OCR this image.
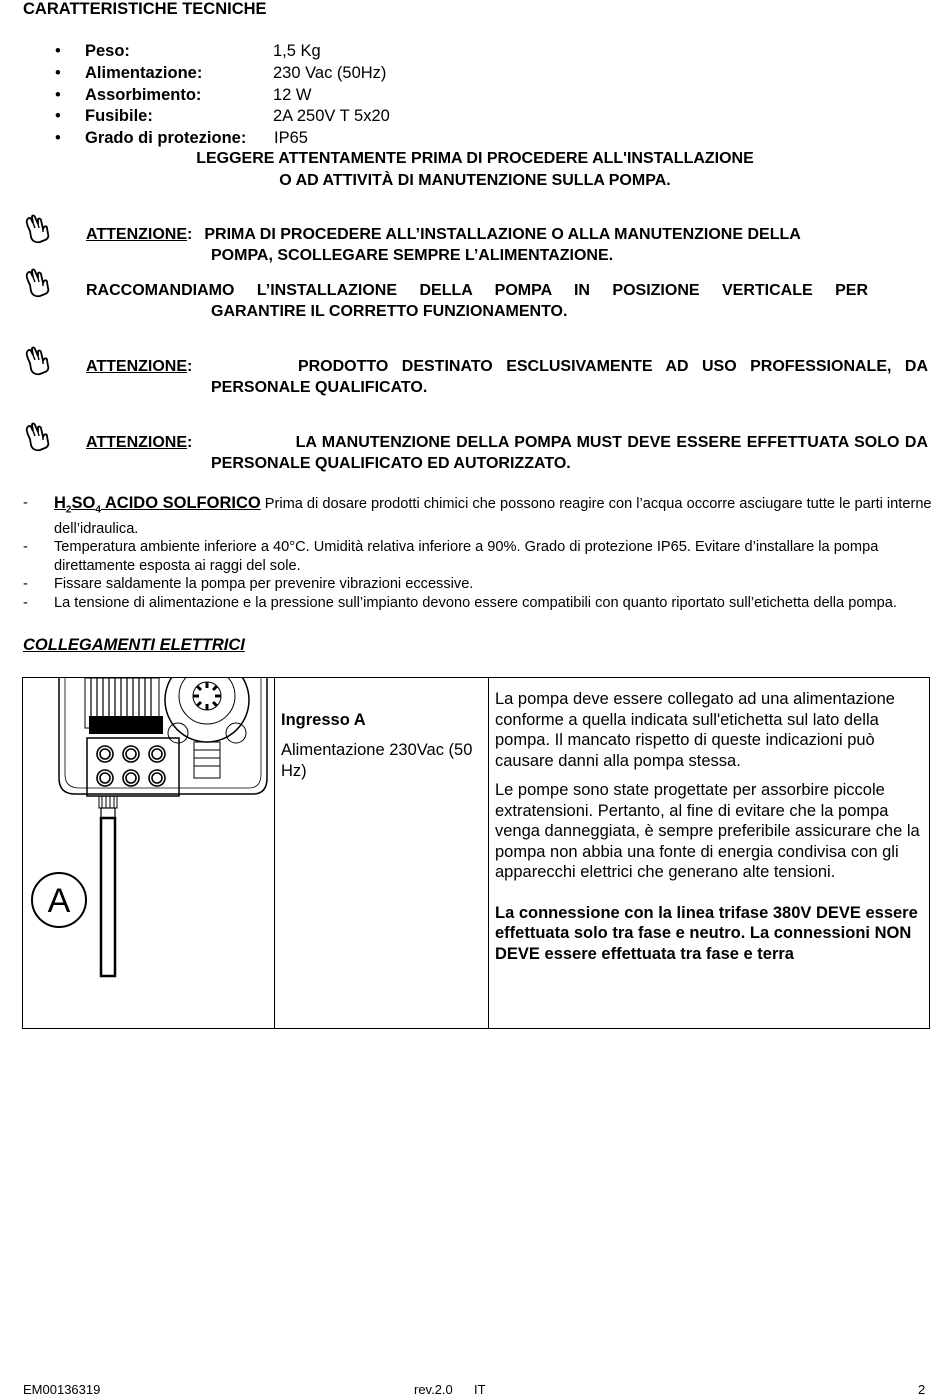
CARATTERISTICHE TECNICHE
• Peso:	1,5 Kg
• Alimentazione:	230 Vac (50Hz)
• Assorbimento:	12 W
• Fusibile:	2A 250V T 5x20
• Grado di protezione: IP65
LEGGERE ATTENTAMENTE PRIMA DI PROCEDERE ALL'INSTALLAZIONE
O AD ATTIVITÀ DI MANUTENZIONE SULLA POMPA.
ATTENZIONE: PRIMA DI PROCEDERE ALL’INSTALLAZIONE O ALLA MANUTENZIONE DELLA
POMPA, SCOLLEGARE SEMPRE L’ALIMENTAZIONE.
RACCOMANDIAMO L’INSTALLAZIONE DELLA POMPA IN POSIZIONE VERTICALE PER
GARANTIRE IL CORRETTO FUNZIONAMENTO.
ATTENZIONE:	PRODOTTO DESTINATO ESCLUSIVAMENTE AD USO PROFESSIONALE, DA
PERSONALE QUALIFICATO.
ATTENZIONE:	LA MANUTENZIONE DELLA POMPA MUST DEVE ESSERE EFFETTUATA SOLO DA
PERSONALE QUALIFICATO ED AUTORIZZATO.
- $H_2SO_4$ ACIDO SOLFORICO Prima di dosare prodotti chimici che possono reagire con l’acqua occorre asciugare tutte le parti interne dell’idraulica.
- Temperatura ambiente inferiore a 40°C. Umidità relativa inferiore a 90%. Grado di protezione IP65. Evitare d’installare la pompa direttamente esposta ai raggi del sole.
- Fissare saldamente la pompa per prevenire vibrazioni eccessive.
- La tensione di alimentazione e la pressione sull’impianto devono essere compatibili con quanto riportato sull’etichetta della pompa.
COLLEGAMENTI ELETTRICI
A

Ingresso A
Alimentazione 230Vac (50 Hz)

La pompa deve essere collegato ad una alimentazione conforme a quella indicata sull'etichetta sul lato della pompa. Il mancato rispetto di queste indicazioni può causare danni alla pompa stessa.

Le pompe sono state progettate per assorbire piccole extratensioni. Pertanto, al fine di evitare che la pompa venga danneggiata, è sempre preferibile assicurare che la pompa non abbia una fonte di energia condivisa con gli apparecchi elettrici che generano alte tensioni.

La connessione con la linea trifase 380V DEVE essere effettuata solo tra fase e neutro. La connessioni NON DEVE essere effettuata tra fase e terra

EM00136319	rev.2.0 IT	2
